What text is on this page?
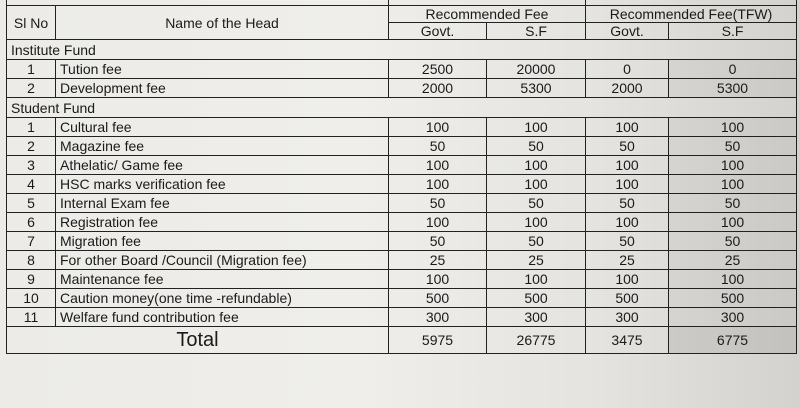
Sl No	Name of the Head	Recommended Fee		Recommended Fee(TFW)	
		Govt.	S.F	Govt.	S.F
Institute Fund					
1	Tution fee	2500	20000	0	0
2	Development fee	2000	5300	2000	5300
Student Fund					
1	Cultural fee	100	100	100	100
2	Magazine fee	50	50	50	50
3	Athelatic/ Game fee	100	100	100	100
4	HSC marks verification fee	100	100	100	100
5	Internal Exam fee	50	50	50	50
6	Registration fee	100	100	100	100
7	Migration fee	50	50	50	50
8	For other Board /Council (Migration fee)	25	25	25	25
9	Maintenance fee	100	100	100	100
10	Caution money(one time -refundable)	500	500	500	500
11	Welfare fund contribution fee	300	300	300	300
Total		5975	26775	3475	6775
